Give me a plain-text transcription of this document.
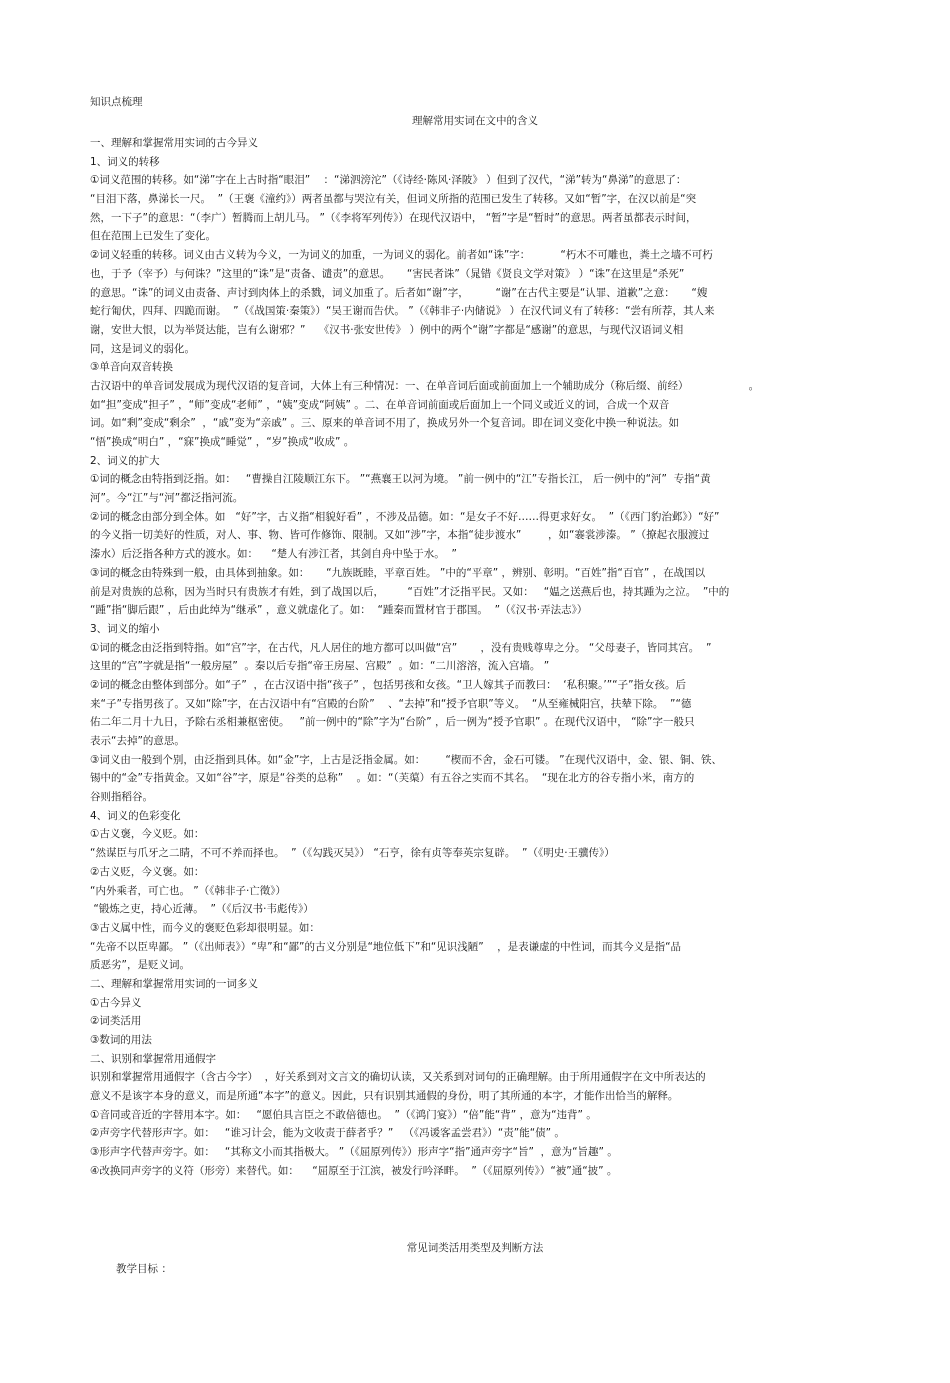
知识点梳理
理解常用实词在文中的含义
一、理解和掌握常用实词的古今异义
1、词义的转移
①词义范围的转移。如“涕”字在上古时指“眼泪”    ：“涕泗滂沱”（《诗经·陈风·泽陂》 ）但到了汉代，“涕”转为“鼻涕”的意思了：
“目泪下落，鼻涕长一尺。  ”（王褒《潼约》）两者虽都与哭泣有关，但词义所指的范围已发生了转移。又如“暂”字，在汉以前是“突
然，一下子”的意思：“（李广）暂腾而上胡儿马。 ”（《李将军列传》）在现代汉语中， “暂”字是“暂时”的意思。两者虽都表示时间，
但在范围上已发生了变化。
②词义轻重的转移。词义由古义转为今义，一为词义的加重，一为词义的弱化。前者如“诛”字：         “朽木不可雕也，粪土之墙不可朽
也，于予（宰予）与何诛？”这里的“诛”是“责备、谴责”的意思。     “害民者诛”（晁错《贤良文学对策》 ）“诛”在这里是“杀死”
的意思。“诛”的词义由责备、声讨到肉体上的杀戮，词义加重了。后者如“谢”字，        “谢”在古代主要是“认罪、道歉”之意：     “嫂
蛇行匍伏，四拜、四跪而谢。  ”（《战国策·秦策》）“吴王谢而告伏。 ”（《韩非子·内储说》 ）在汉代词义有了转移：“尝有所荐，其人来
谢，安世大恨，以为举贤达能，岂有么谢邪？”    《汉书·张安世传》 ）例中的两个“谢”字都是“感谢”的意思，与现代汉语词义相
同，这是词义的弱化。
③单音向双音转换
古汉语中的单音词发展成为现代汉语的复音词，大体上有三种情况：一、在单音词后面或前面加上一个辅助成分（称后缀、前经）                  。
如“担”变成“担子” ，“师”变成“老师” ，“姨”变成“阿姨” 。二、在单音词前面或后面加上一个同义或近义的词，合成一个双音
词。如“剩”变成“剩余”  ，“戚”变为“亲戚” 。三、原来的单音词不用了，换成另外一个复音词。即在词义变化中换一种说法。如
“悟”换成“明白” ，“寐”换成“睡觉” ，“岁”换成“收成” 。
2、词义的扩大
①词的概念由特指到泛指。如：   “曹操自江陵顺江东下。 ”“燕襄王以河为境。 ”前一例中的“江”专指长江， 后一例中的“河”  专指“黄
河”。今“江”与“河”都泛指河流。
②词的概念由部分到全体。如   “好”字，古义指“相貌好看” ，不涉及品德。如：“是女子不好……得更求好女。  ”（《西门豹治邺》）“好”
的今义指一切美好的性质，对人、事、物、皆可作修饰、限制。又如“涉”字，本指“徒步渡水”        ，如“褰裳涉溱。 ”（撩起衣服渡过
溱水）后泛指各种方式的渡水。如：    “楚人有涉江者，其剑自舟中坠于水。  ”
③词的概念由特殊到一般，由具体到抽象。如：     “九族既睦，平章百姓。 ”中的“平章” ，辨别、彰明。“百姓”指“百官” ，在战国以
前是对贵族的总称，因为当时只有贵族才有姓，到了战国以后，       “百姓”才泛指平民。又如：   “媪之送燕后也，持其踵为之泣。  ”中的
“踵”指“脚后跟” ，后由此绰为“继承” ，意义就虚化了。如：  “踵秦而置材官于郡国。  ”（《汉书·弄法志》）
3、词义的缩小
①词的概念由泛指到特指。如“宫”字，在古代，凡人居住的地方都可以叫做“宫”       ，没有贵贱尊卑之分。 “父母妻子，皆同其宫。  ”
这里的“宫”字就是指“一般房屋”  。秦以后专指“帝王房屋、宫殿”  。如：“二川溶溶，流入宫墙。 ”
②词的概念由整体到部分。如“子”  ，在古汉语中指“孩子” ，包括男孩和女孩。“卫人嫁其子而教曰：  ‘私积聚。’”“子”指女孩。后
来“子”专指男孩了。又如“除”字，在古汉语中有“宫殿的台阶”    、“去掉”和“授予官职”等义。  “从至雍械阳宫，扶辇下除。  ”“德
佑二年二月十九日，予除右丞相兼枢密使。   ”前一例中的“除”字为“台阶” ，后一例为“授予官职” 。在现代汉语中， “除”字一般只
表示“去掉”的意思。
③词义由一般到个别，由泛指到具体。如“金”字，上古是泛指金属。如：      “楔而不舍，金石可镂。 ”在现代汉语中，金、银、铜、铁、
锡中的“金”专指黄金。又如“谷”字，原是“谷类的总称”    。如：“（芙蕖）有五谷之实而不其名。  “现在北方的谷专指小米，南方的
谷则指稻谷。
4、词义的色彩变化
①古义褒，今义贬。如：
“然谋臣与爪牙之二睛，不可不养而择也。  ”（《勾践灭吴》） “石亨，徐有贞等奉英宗复辟。  ”（《明史·王骥传》）
②古义贬，今义褒。如：
“内外乘者，可亡也。 ”（《韩非子·亡徵》）
“锻炼之吏，持心近薄。  ”（《后汉书·韦彪传》）
③古义属中性，而今义的褒贬色彩却很明显。如：
“先帝不以臣卑鄙。 ”（《出师表》）“卑”和“鄙”的古义分别是“地位低下”和“见识浅陋”    ，是表谦虚的中性词，而其今义是指“品
质恶劣”，是贬义词。
二、理解和掌握常用实词的一词多义
①古今异义
②词类活用
③数词的用法
二、识别和掌握常用通假字
识别和掌握常用通假字（含古今字）  ，好关系到对文言文的确切认读，又关系到对词句的正确理解。由于所用通假字在文中所表达的
意义不是该字本身的意义，而是所通“本字”的意义。因此，只有识别其通假的身份，明了其所通的本字，才能作出恰当的解释。
①音同或音近的字替用本字。如：   “愿伯具言臣之不敢倍德也。  ”（《鸿门宴》）“倍”能“背” ，意为“违背” 。
②声旁字代替形声字。如：   “谁习计会，能为文收责于薛者乎？”   （《冯谖客孟尝君》）“责”能“债” 。
③形声字代替声旁字。如：   “其称文小而其指极大。 ”（《屈原列传》）形声字“指”通声旁字“旨”  ，意为“旨趣” 。
④改换同声旁字的义符（形旁）来替代。如：    “屈原至于江滨，被发行吟泽畔。  ”（《屈原列传》）“被”通“披” 。
常见词类活用类型及判断方法
教学目标 ：
